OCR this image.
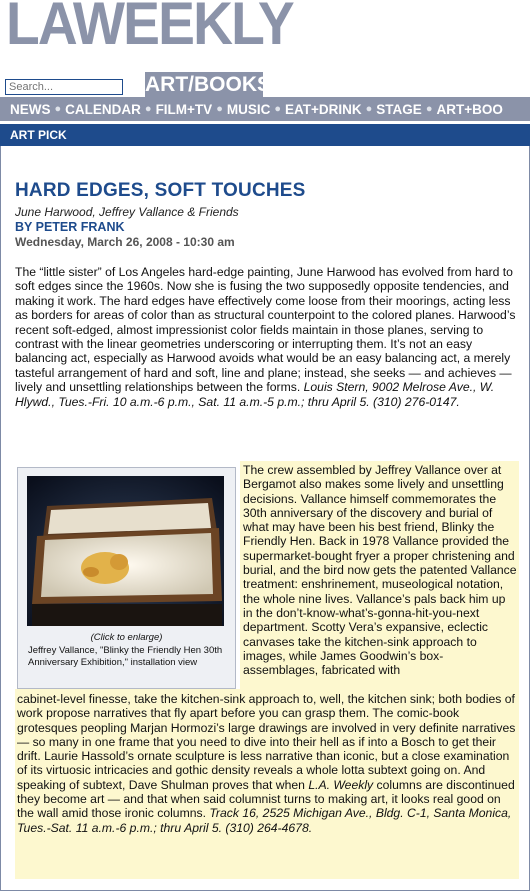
LAWEEKLY
Search...
ART/BOOKS
NEWS ● CALENDAR ● FILM+TV ● MUSIC ● EAT+DRINK ● STAGE ● ART+BOO
ART PICK
HARD EDGES, SOFT TOUCHES
June Harwood, Jeffrey Vallance & Friends
BY PETER FRANK
Wednesday, March 26, 2008 - 10:30 am

The “little sister” of Los Angeles hard-edge painting, June Harwood has evolved from hard to soft edges since the 1960s. Now she is fusing the two supposedly opposite tendencies, and making it work. The hard edges have effectively come loose from their moorings, acting less as borders for areas of color than as structural counterpoint to the colored planes. Harwood’s recent soft-edged, almost impressionist color fields maintain in those planes, serving to contrast with the linear geometries underscoring or interrupting them. It’s not an easy balancing act, especially as Harwood avoids what would be an easy balancing act, a merely tasteful arrangement of hard and soft, line and plane; instead, she seeks — and achieves — lively and unsettling relationships between the forms. Louis Stern, 9002 Melrose Ave., W. Hlywd., Tues.-Fri. 10 a.m.-6 p.m., Sat. 11 a.m.-5 p.m.; thru April 5. (310) 276-0147.

(Click to enlarge)
Jeffrey Vallance, "Blinky the Friendly Hen 30th Anniversary Exhibition," installation view

The crew assembled by Jeffrey Vallance over at Bergamot also makes some lively and unsettling decisions. Vallance himself commemorates the 30th anniversary of the discovery and burial of what may have been his best friend, Blinky the Friendly Hen. Back in 1978 Vallance provided the supermarket-bought fryer a proper christening and burial, and the bird now gets the patented Vallance treatment: enshrinement, museological notation, the whole nine lives. Vallance’s pals back him up in the don’t-know-what’s-gonna-hit-you-next department. Scotty Vera’s expansive, eclectic canvases take the kitchen-sink approach to images, while James Goodwin’s box-assemblages, fabricated with

cabinet-level finesse, take the kitchen-sink approach to, well, the kitchen sink; both bodies of work propose narratives that fly apart before you can grasp them. The comic-book grotesques peopling Marjan Hormozi’s large drawings are involved in very definite narratives — so many in one frame that you need to dive into their hell as if into a Bosch to get their drift. Laurie Hassold’s ornate sculpture is less narrative than iconic, but a close examination of its virtuosic intricacies and gothic density reveals a whole lotta subtext going on. And speaking of subtext, Dave Shulman proves that when L.A. Weekly columns are discontinued they become art — and that when said columnist turns to making art, it looks real good on the wall amid those ironic columns. Track 16, 2525 Michigan Ave., Bldg. C-1, Santa Monica, Tues.-Sat. 11 a.m.-6 p.m.; thru April 5. (310) 264-4678.
